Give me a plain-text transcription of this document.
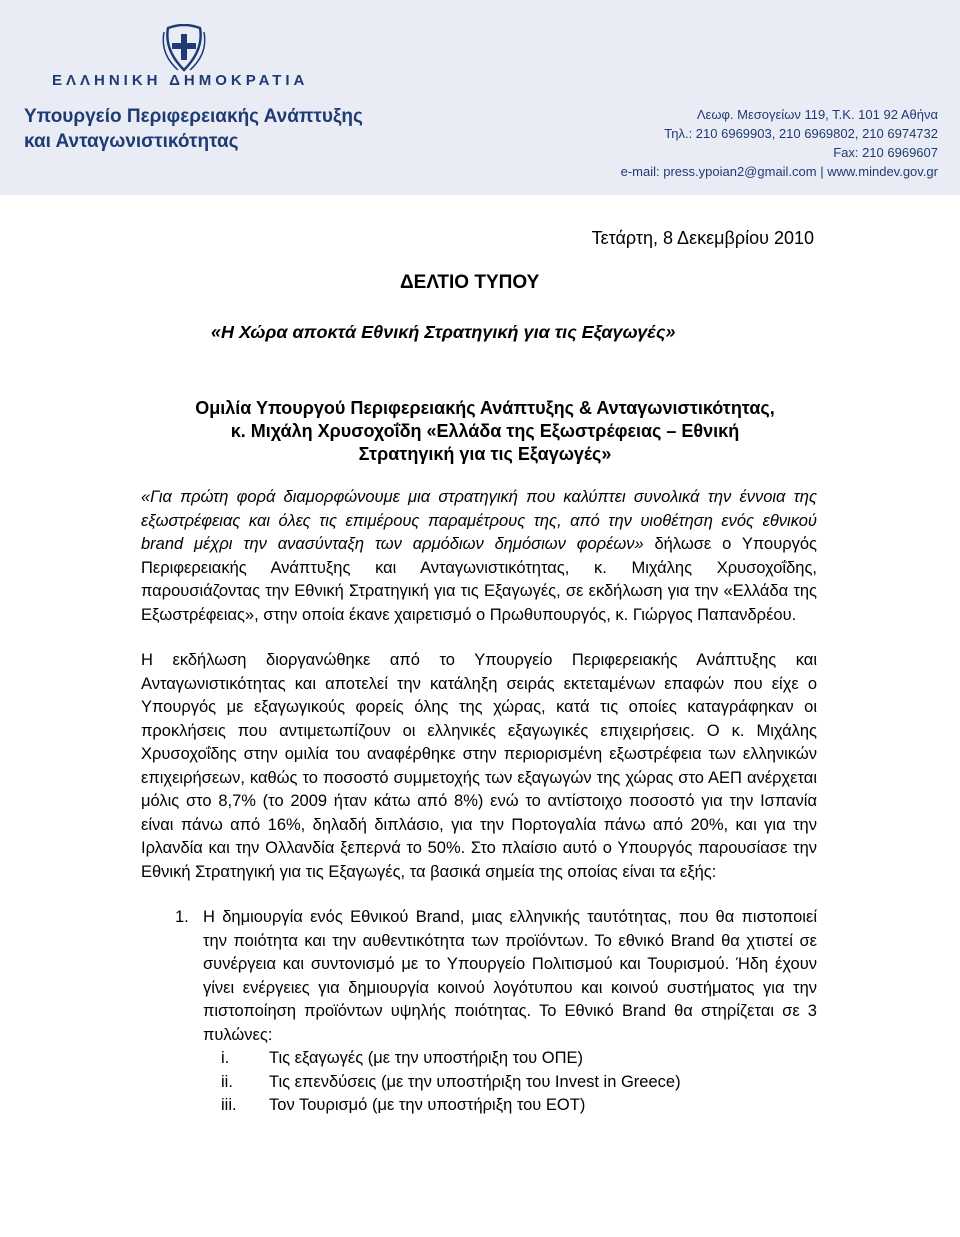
ΕΛΛΗΝΙΚΗ ΔΗΜΟΚΡΑΤΙΑ
Υπουργείο Περιφερειακής Ανάπτυξης
και Ανταγωνιστικότητας
Λεωφ. Μεσογείων 119, Τ.Κ. 101 92 Αθήνα
Τηλ.: 210 6969903, 210 6969802, 210 6974732
Fax: 210 6969607
e-mail: press.ypoian2@gmail.com | www.mindev.gov.gr
Τετάρτη, 8 Δεκεμβρίου 2010
ΔΕΛΤΙΟ ΤΥΠΟΥ
«Η Χώρα αποκτά Εθνική Στρατηγική για τις Εξαγωγές»
Ομιλία Υπουργού Περιφερειακής Ανάπτυξης & Ανταγωνιστικότητας,
κ. Μιχάλη Χρυσοχοΐδη «Ελλάδα της Εξωστρέφειας – Εθνική
Στρατηγική για τις Εξαγωγές»

«Για πρώτη φορά διαμορφώνουμε μια στρατηγική που καλύπτει συνολικά την έννοια της εξωστρέφειας και όλες τις επιμέρους παραμέτρους της, από την υιοθέτηση ενός εθνικού brand μέχρι την ανασύνταξη των αρμόδιων δημόσιων φορέων» δήλωσε ο Υπουργός Περιφερειακής Ανάπτυξης και Ανταγωνιστικότητας, κ. Μιχάλης Χρυσοχοΐδης, παρουσιάζοντας την Εθνική Στρατηγική για τις Εξαγωγές, σε εκδήλωση για την «Ελλάδα της Εξωστρέφειας», στην οποία έκανε χαιρετισμό ο Πρωθυπουργός, κ. Γιώργος Παπανδρέου.

Η εκδήλωση διοργανώθηκε από το Υπουργείο Περιφερειακής Ανάπτυξης και Ανταγωνιστικότητας και αποτελεί την κατάληξη σειράς εκτεταμένων επαφών που είχε ο Υπουργός με εξαγωγικούς φορείς όλης της χώρας, κατά τις οποίες καταγράφηκαν οι προκλήσεις που αντιμετωπίζουν οι ελληνικές εξαγωγικές επιχειρήσεις. Ο κ. Μιχάλης Χρυσοχοΐδης στην ομιλία του αναφέρθηκε στην περιορισμένη εξωστρέφεια των ελληνικών επιχειρήσεων, καθώς το ποσοστό συμμετοχής των εξαγωγών της χώρας στο ΑΕΠ ανέρχεται μόλις στο 8,7% (το 2009 ήταν κάτω από 8%) ενώ το αντίστοιχο ποσοστό για την Ισπανία είναι πάνω από 16%, δηλαδή διπλάσιο, για την Πορτογαλία πάνω από 20%, και για την Ιρλανδία και την Ολλανδία ξεπερνά το 50%. Στο πλαίσιο αυτό ο Υπουργός παρουσίασε την Εθνική Στρατηγική για τις Εξαγωγές, τα βασικά σημεία της οποίας είναι τα εξής:

1. Η δημιουργία ενός Εθνικού Brand, μιας ελληνικής ταυτότητας, που θα πιστοποιεί την ποιότητα και την αυθεντικότητα των προϊόντων. Το εθνικό Brand θα χτιστεί σε συνέργεια και συντονισμό με το Υπουργείο Πολιτισμού και Τουρισμού. Ήδη έχουν γίνει ενέργειες για δημιουργία κοινού λογότυπου και κοινού συστήματος για την πιστοποίηση προϊόντων υψηλής ποιότητας. Το Εθνικό Brand θα στηρίζεται σε 3 πυλώνες:
i.	Τις εξαγωγές (με την υποστήριξη του ΟΠΕ)
ii.	Τις επενδύσεις (με την υποστήριξη του Invest in Greece)
iii.	Τον Τουρισμό (με την υποστήριξη του ΕΟΤ)
